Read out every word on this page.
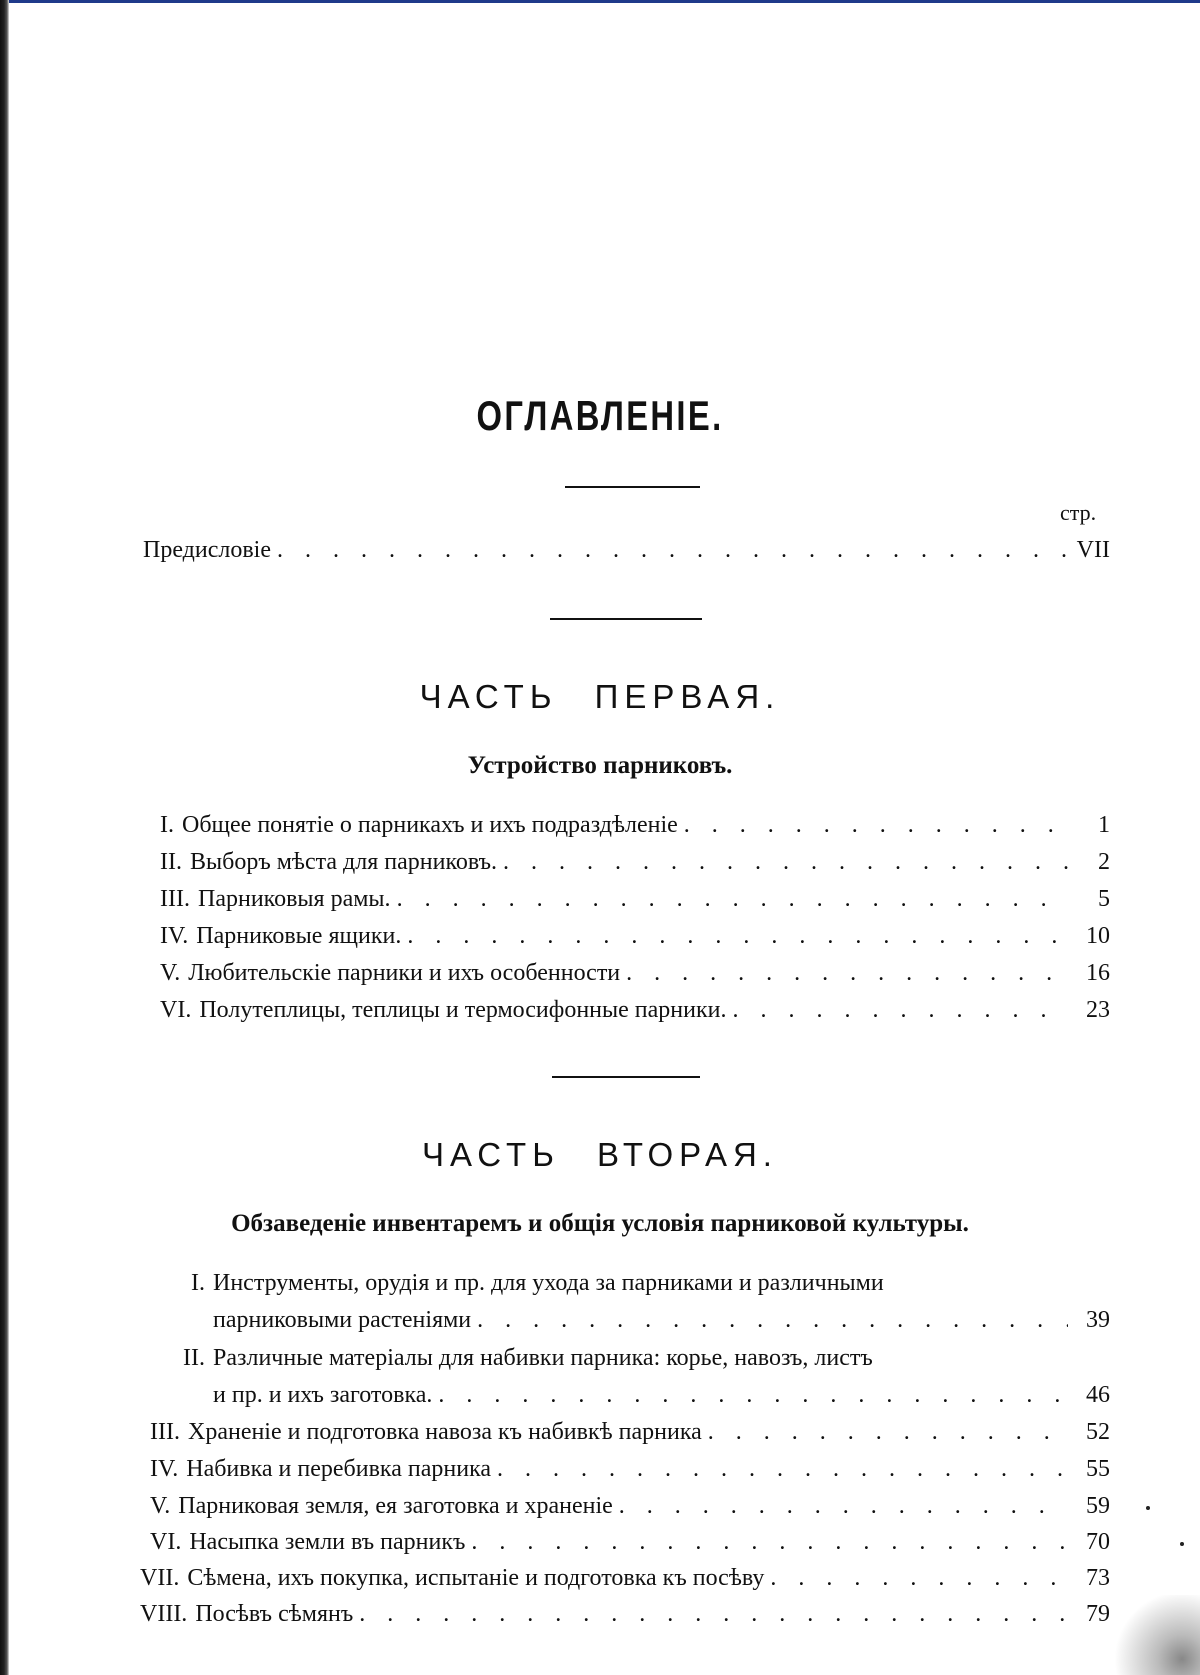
ОГЛАВЛЕНІЕ.
стр.
Предисловіе . . .	VII
ЧАСТЬ ПЕРВАЯ.
Устройство парниковъ.
I. Общее понятіе о парникахъ и ихъ подраздѣленіе . . .	1
II. Выборъ мѣста для парниковъ. . . .	2
III. Парниковыя рамы. . . .	5
IV. Парниковые ящики. . . .	10
V. Любительскіе парники и ихъ особенности . . .	16
VI. Полутеплицы, теплицы и термосифонные парники. . . .	23
ЧАСТЬ ВТОРАЯ.
Обзаведеніе инвентаремъ и общія условія парниковой культуры.
I. Инструменты, орудія и пр. для ухода за парниками и различными
парниковыми растеніями . . .	39
II. Различные матеріалы для набивки парника: корье, навозъ, листъ
и пр. и ихъ заготовка. . . .	46
III. Храненіе и подготовка навоза къ набивкѣ парника . . .	52
IV. Набивка и перебивка парника . . .	55
V. Парниковая земля, ея заготовка и храненіе . . .	59
VI. Насыпка земли въ парникъ . . .	70
VII. Сѣмена, ихъ покупка, испытаніе и подготовка къ посѣву . . .	73
VIII. Посѣвъ сѣмянъ . . .	79
